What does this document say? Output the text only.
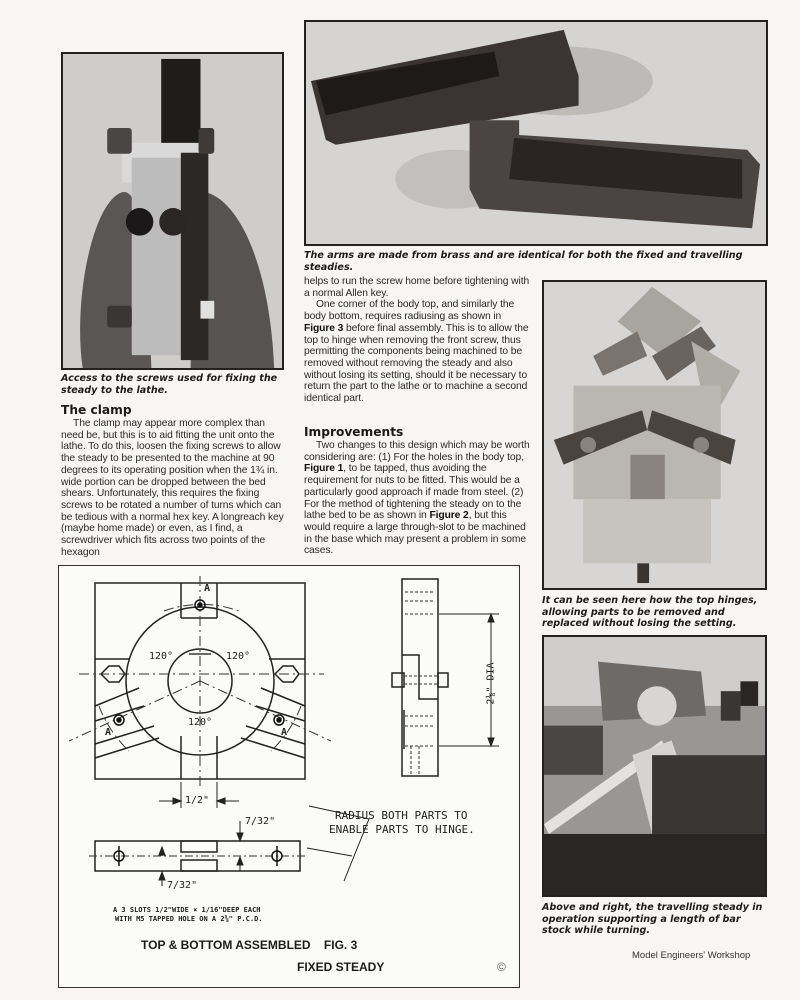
Access to the screws used for fixing the steady to the lathe.
The arms are made from brass and are identical for both the fixed and travelling steadies.
The clamp

The clamp may appear more complex than need be, but this is to aid fitting the unit onto the lathe. To do this, loosen the fixing screws to allow the steady to be presented to the machine at 90 degrees to its operating position when the 1¾ in. wide portion can be dropped between the bed shears. Unfortunately, this requires the fixing screws to be rotated a number of turns which can be tedious with a normal hex key. A longreach key (maybe home made) or even, as I find, a screwdriver which fits across two points of the hexagon

helps to run the screw home before tightening with a normal Allen key.

One corner of the body top, and similarly the body bottom, requires radiusing as shown in Figure 3 before final assembly. This is to allow the top to hinge when removing the front screw, thus permitting the components being machined to be removed without removing the steady and also without losing its setting, should it be necessary to return the part to the lathe or to machine a second identical part.

Improvements

Two changes to this design which may be worth considering are: (1) For the holes in the body top, Figure 1, to be tapped, thus avoiding the requirement for nuts to be fitted. This would be a particularly good approach if made from steel. (2) For the method of tightening the steady on to the lathe bed to be as shown in Figure 2, but this would require a large through-slot to be machined in the base which may present a problem in some cases.

It can be seen here how the top hinges, allowing parts to be removed and replaced without losing the setting.
Above and right, the travelling steady in operation supporting a length of bar stock while turning.
Model Engineers' Workshop
120°	120°
120°
A
A	A
2⅛" DIA
1/2"
7/32"
7/32"
RADIUS BOTH PARTS TO
ENABLE PARTS TO HINGE.
A 3 SLOTS 1/2"WIDE × 1/16"DEEP EACH
WITH M5 TAPPED HOLE ON A 2⅝" P.C.D.
TOP & BOTTOM ASSEMBLED    FIG. 3
FIXED STEADY	©
